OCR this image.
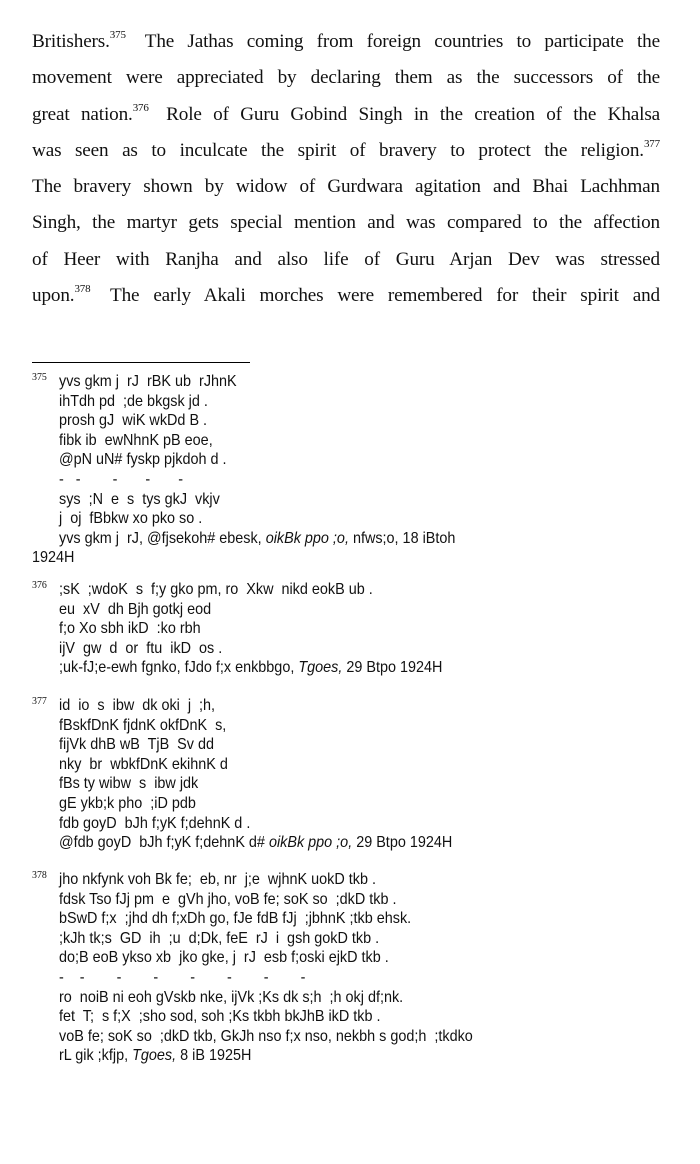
Britishers.$^{375}$ The Jathas coming from foreign countries to participate the
movement were appreciated by declaring them as the successors of the
great nation.$^{376}$ Role of Guru Gobind Singh in the creation of the Khalsa
was seen as to inculcate the spirit of bravery to protect the religion.$^{377}$
The bravery shown by widow of Gurdwara agitation and Bhai Lachhman
Singh, the martyr gets special mention and was compared to the affection
of Heer with Ranjha and also life of Guru Arjan Dev was stressed
upon.$^{378}$ The early Akali morches were remembered for their spirit and
375 yvs gkm j  rJ  rBK ub  rJhnK
ihTdh pd  ;de bkgsk jd .
prosh gJ  wiK wkDd B .
fibk ib  ewNhnK pB eoe,
@pN uN# fyskp pjkdoh d .
-   -        -       -       -
sys  ;N  e  s  tys gkJ  vkjv
j  oj  fBbkw xo pko so .
yvs gkm j  rJ, @fjsekoh# ebesk, oikBk ppo ;o, nfws;o, 18 iBtoh
1924H
376 ;sK  ;wdoK  s  f;y gko pm, ro  Xkw  nikd eokB ub .
eu  xV  dh Bjh gotkj eod
f;o Xo sbh ikD  :ko rbh
ijV  gw  d  or  ftu  ikD  os .
;uk-fJ;e-ewh fgnko, fJdo f;x enkbbgo, Tgoes, 29 Btpo 1924H
377 id  io  s  ibw  dk oki  j  ;h,
fBskfDnK fjdnK okfDnK  s,
fijVk dhB wB  TjB  Sv dd
nky  br  wbkfDnK ekihnK d
fBs ty wibw  s  ibw jdk
gE ykb;k pho  ;iD pdb
fdb goyD  bJh f;yK f;dehnK d .
@fdb goyD  bJh f;yK f;dehnK d# oikBk ppo ;o, 29 Btpo 1924H
378 jho nkfynk voh Bk fe;  eb, nr  j;e  wjhnK uokD tkb .
fdsk Tso fJj pm  e  gVh jho, voB fe; soK so  ;dkD tkb .
bSwD f;x  ;jhd dh f;xDh go, fJe fdB fJj  ;jbhnK ;tkb ehsk.
;kJh tk;s  GD  ih  ;u  d;Dk, feE  rJ  i  gsh gokD tkb .
do;B eoB ykso xb  jko gke, j  rJ  esb f;oski ejkD tkb .
-    -        -        -        -        -        -        -
ro  noiB ni eoh gVskb nke, ijVk ;Ks dk s;h  ;h okj df;nk.
fet  T;  s f;X  ;sho sod, soh ;Ks tkbh bkJhB ikD tkb .
voB fe; soK so  ;dkD tkb, GkJh nso f;x nso, nekbh s god;h  ;tkdko
rL gik ;kfjp, Tgoes, 8 iB 1925H
